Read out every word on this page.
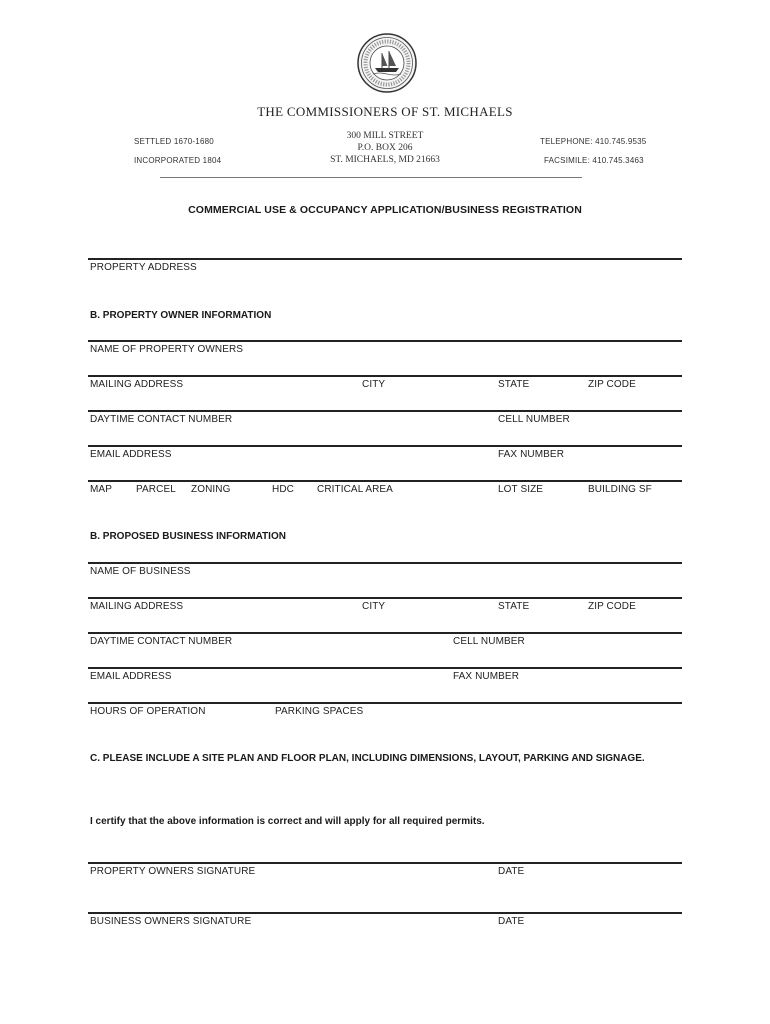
THE COMMISSIONERS OF ST. MICHAELS
SETTLED 1670-1680
INCORPORATED 1804
300 MILL STREET
P.O. BOX 206
ST. MICHAELS, MD 21663
TELEPHONE: 410.745.9535
FACSIMILE: 410.745.3463
COMMERCIAL USE & OCCUPANCY APPLICATION/BUSINESS REGISTRATION
PROPERTY ADDRESS
B. PROPERTY OWNER INFORMATION
NAME OF PROPERTY OWNERS
MAILING ADDRESS	CITY	STATE	ZIP CODE
DAYTIME CONTACT NUMBER	CELL NUMBER
EMAIL ADDRESS	FAX NUMBER
MAP PARCEL ZONING	HDC CRITICAL AREA	LOT SIZE	BUILDING SF
B. PROPOSED BUSINESS INFORMATION
NAME OF BUSINESS
MAILING ADDRESS	CITY	STATE	ZIP CODE
DAYTIME CONTACT NUMBER	CELL NUMBER
EMAIL ADDRESS	FAX NUMBER
HOURS OF OPERATION	PARKING SPACES
C. PLEASE INCLUDE A SITE PLAN AND FLOOR PLAN, INCLUDING DIMENSIONS, LAYOUT, PARKING AND SIGNAGE.
I certify that the above information is correct and will apply for all required permits.
PROPERTY OWNERS SIGNATURE	DATE
BUSINESS OWNERS SIGNATURE	DATE
